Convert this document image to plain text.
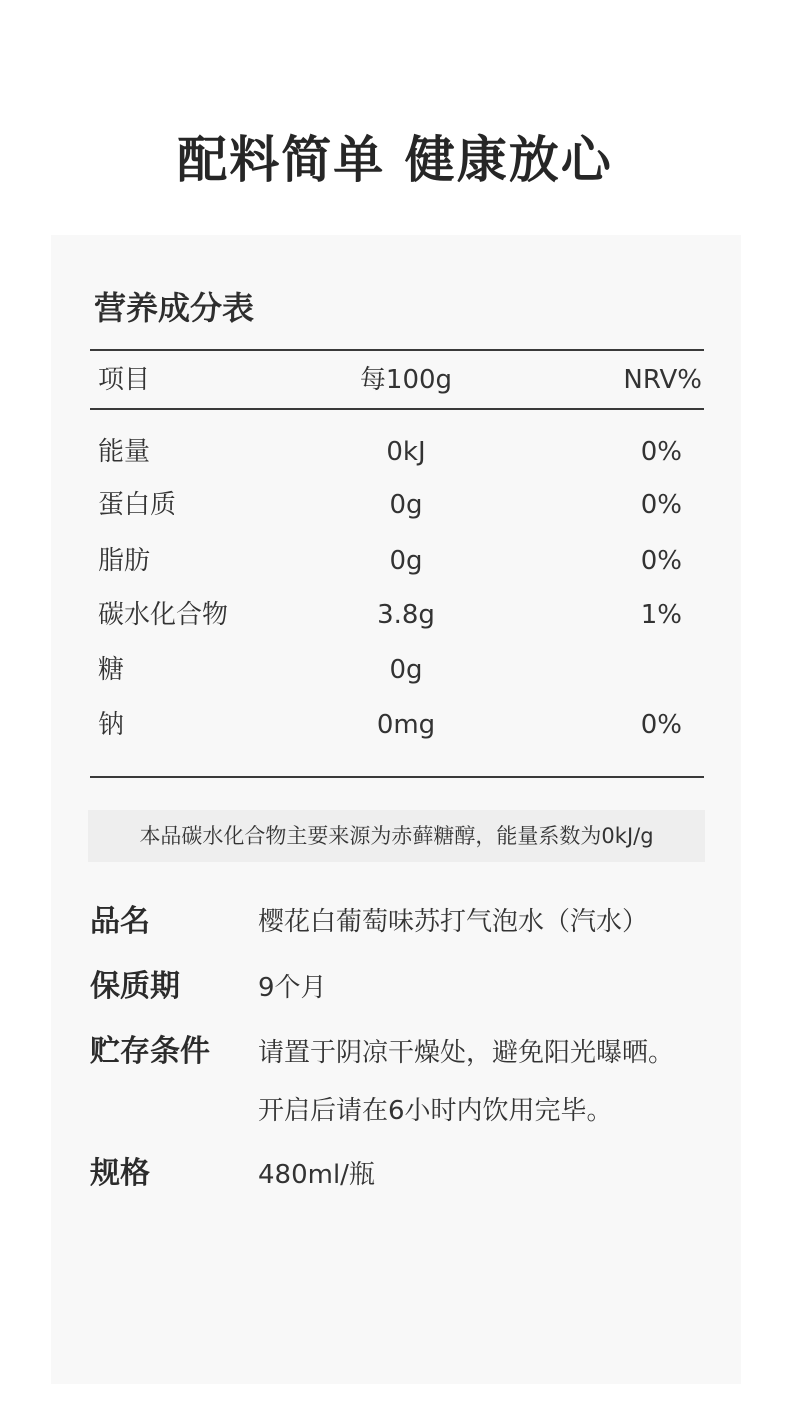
配料简单 健康放心
营养成分表
项目	每100g	NRV%
能量	0kJ	0%
蛋白质	0g	0%
脂肪	0g	0%
碳水化合物	3.8g	1%
糖	0g
钠	0mg	0%
本品碳水化合物主要来源为赤藓糖醇，能量系数为0kJ/g
品名	樱花白葡萄味苏打气泡水（汽水）
保质期	9个月
贮存条件 请置于阴凉干燥处，避免阳光曝晒。
开启后请在6小时内饮用完毕。
规格	480ml/瓶
